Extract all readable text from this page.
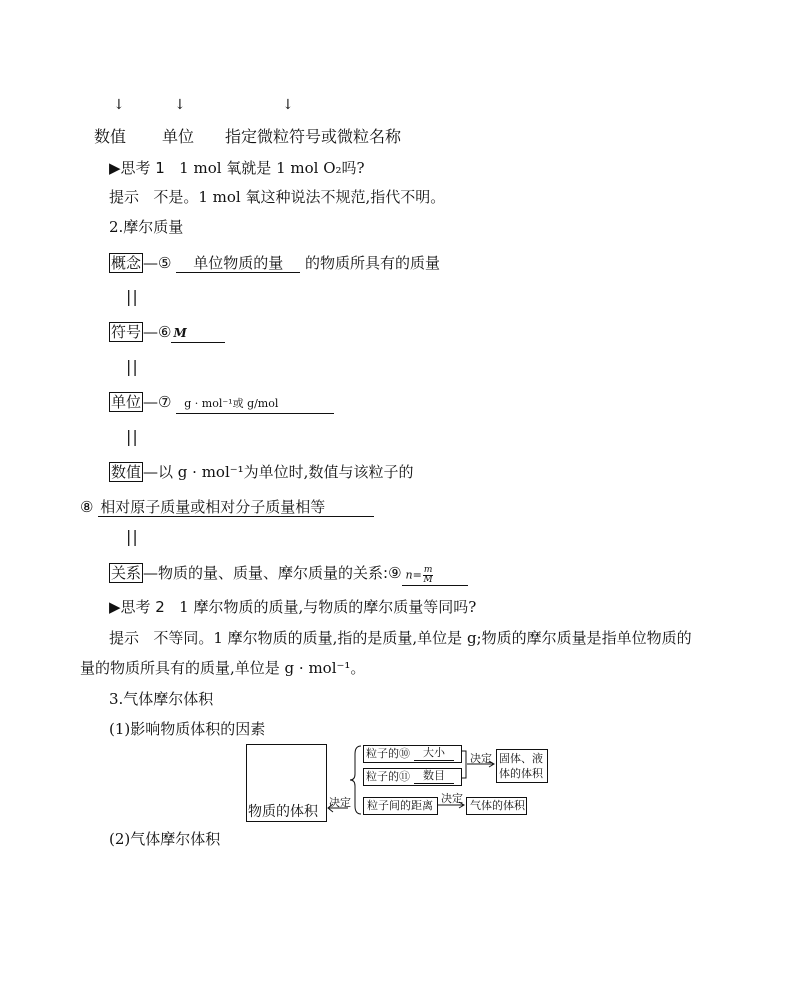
↓	↓	↓
数值 单位 指定微粒符号或微粒名称
▶思考 1 1 mol 氧就是 1 mol O₂吗?
提示 不是。1 mol 氧这种说法不规范,指代不明。
2.摩尔质量
概念 —⑤ 单位物质的量 的物质所具有的质量
||
符号 —⑥ M
||
单位 —⑦ g · mol⁻¹或 g/mol
||
数值 —以 g · mol⁻¹为单位时,数值与该粒子的
⑧ 相对原子质量或相对分子质量相等
||
关系 —物质的量、质量、摩尔质量的关系:⑨ $n= \frac{m}{M}$
▶思考 2 1 摩尔物质的质量,与物质的摩尔质量等同吗?
提示 不等同。1 摩尔物质的质量,指的是质量,单位是 g;物质的摩尔质量是指单位物质的
量的物质所具有的质量,单位是 g · mol⁻¹。
3.气体摩尔体积
(1)影响物质体积的因素
物质的体积
决定
粒子的⑩	大小
粒子的⑪	数目
决定 固体、液体的体积
粒子间的距离
决定
气体的体积
(2)气体摩尔体积
